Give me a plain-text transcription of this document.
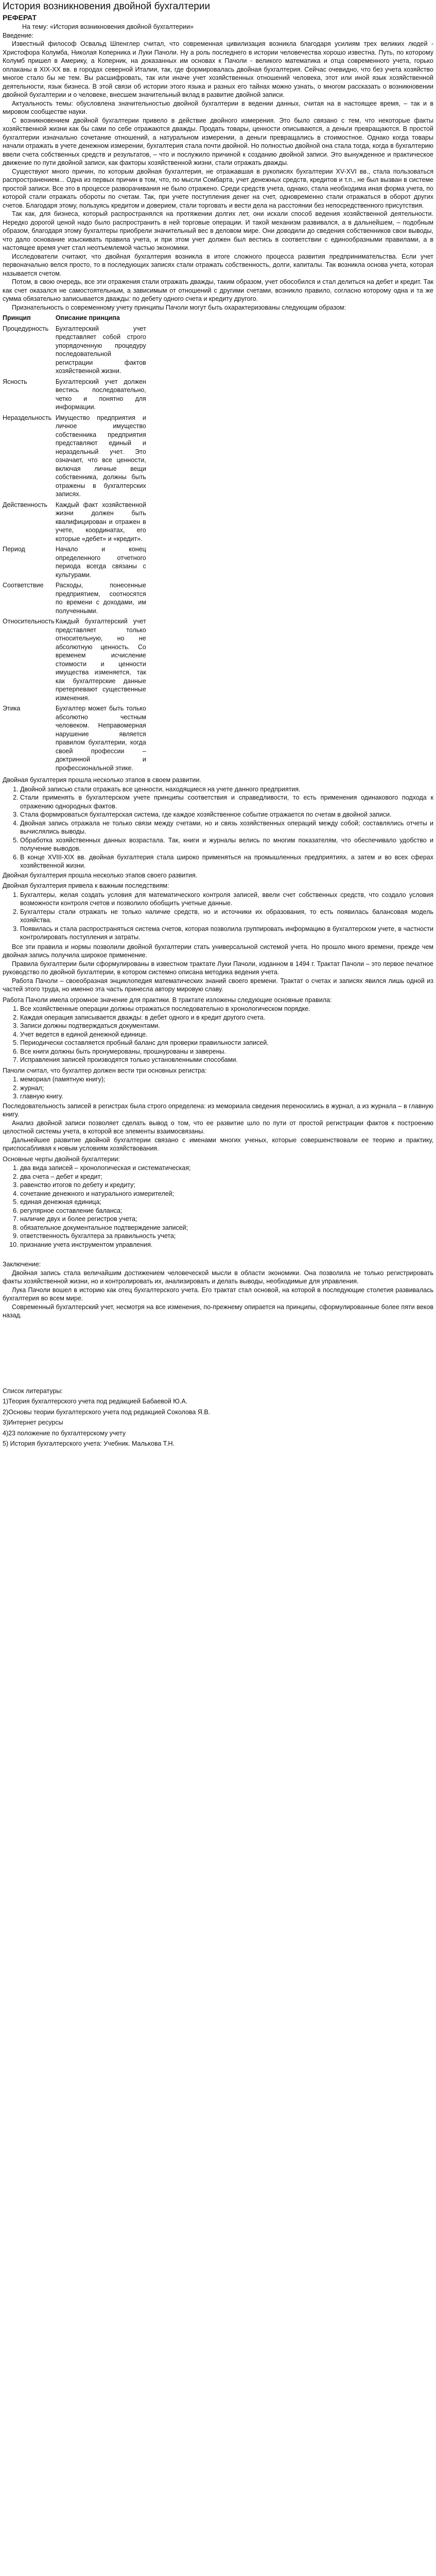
История возникновения двойной бухгалтерии
РЕФЕРАТ

На тему: «История возникновения двойной бухгалтерии»

Введение:

Известный философ Освальд Шпенглер считал, что современная цивилизация возникла благодаря усилиям трех великих людей - Христофора Колумба, Николая Коперника и Луки Пачоли. Ну а роль последнего в истории человечества хорошо известна. Путь, по которому Колумб пришел в Америку, а Коперник, на доказанных им основах к Пачоли - великого математика и отца современного учета, горько оплаканы в ХIХ-ХХ вв. в городах северной Италии, так, где формировалась двойная бухгалтерия. Сейчас очевидно, что без учета хозяйство многое стало бы не тем. Вы расшифровать, так или иначе учет хозяйственных отношений человека, этот или иной язык хозяйственной деятельности, язык бизнеса. В этой связи об истории этого языка и разных его тайнах можно узнать, о многом рассказать о возникновении двойной бухгалтерии и о человеке, внесшем значительный вклад в развитие двойной записи.

Актуальность темы: обусловлена значительностью двойной бухгалтерии в ведении данных, считая на в настоящее время, – так и в мировом сообществе науки.

С возникновением двойной бухгалтерии привело в действие двойного измерения. Это было связано с тем, что некоторые факты хозяйственной жизни как бы сами по себе отражаются дважды. Продать товары, ценности описываются, а деньги превращаются. В простой бухгалтерии изначально сочетание отношений, а натуральном измерении, а деньги превращались в стоимостное. Однако когда товары начали отражать в учете денежном измерении, бухгалтерия стала почти двойной. Но полностью двойной она стала тогда, когда в бухгалтерию ввели счета собственных средств и результатов, – что и послужило причиной к созданию двойной записи. Это вынужденное и практическое движение по пути двойной записи, как факторы хозяйственной жизни, стали отражать дважды.

Существуют много причин, по которым двойная бухгалтерия, не отражавшая в рукописях бухгалтерии ХV-ХVI вв., стала пользоваться распространением... Одна из первых причин в том, что, по мысли Сомбарта, учет денежных средств, кредитов и т.п., не был вызван в системе простой записи. Все это в процессе разворачивания не было отражено. Среди средств учета, однако, стала необходима иная форма учета, по которой стали отражать обороты по счетам. Так, при учете поступления денег на счет, одновременно стали отражаться в оборот других счетов. Благодаря этому, пользуясь кредитом и доверием, стали торговать и вести дела на расстоянии без непосредственного присутствия.

Так как, для бизнеса, который распространялся на протяжении долгих лет, они искали способ ведения хозяйственной деятельности. Нередко дорогой ценой надо было распространить в ней торговые операции. И такой механизм развивался, а в дальнейшем, – подобным образом, благодаря этому бухгалтеры приобрели значительный вес в деловом мире. Они доводили до сведения собственников свои выводы, что дало основание изыскивать правила учета, и при этом учет должен был вестись в соответствии с единообразными правилами, а в настоящее время учет стал неотъемлемой частью экономики.

Исследователи считают, что двойная бухгалтерия возникла в итоге сложного процесса развития предпринимательства. Если учет первоначально велся просто, то в последующих записях стали отражать собственность, долги, капиталы. Так возникла основа учета, которая называется счетом.

Потом, в свою очередь, все эти отражения стали отражать дважды, таким образом, учет обособился и стал делиться на дебет и кредит. Так как счет оказался не самостоятельным, а зависимым от отношений с другими счетами, возникло правило, согласно которому одна и та же сумма обязательно записывается дважды: по дебету одного счета и кредиту другого.

Признательность о современному учету принципы Пачоли могут быть охарактеризованы следующим образом:

Принцип	Описание принципа
Процедурность	Бухгалтерский учет представляет собой строго упорядоченную процедуру последовательной регистрации фактов хозяйственной жизни.
Ясность	Бухгалтерский учет должен вестись последовательно, четко и понятно для информации.
Нераздельность	Имущество предприятия и личное имущество собственника предприятия представляют единый и нераздельный учет. Это означает, что все ценности, включая личные вещи собственника, должны быть отражены в бухгалтерских записях.
Действенность	Каждый факт хозяйственной жизни должен быть квалифицирован и отражен в учете, координатах, его которые «дебет» и «кредит».
Период	Начало и конец определенного отчетного периода всегда связаны с культурами.
Соответствие	Расходы, понесенные предприятием, соотносятся по времени с доходами, им полученными.
Относительность	Каждый бухгалтерский учет представляет только относительную, но не абсолютную ценность. Со временем исчисление стоимости и ценности имущества изменяется, так как бухгалтерские данные претерпевают существенные изменения.
Этика	Бухгалтер может быть только абсолютно честным человеком. Неправомерная нарушение является правилом бухгалтерии, когда своей профессии – доктринной и профессиональной этике.

Двойная бухгалтерия прошла несколько этапов в своем развитии.

1. Двойной записью стали отражать все ценности, находящиеся на учете данного предприятия.
2. Стали применять в бухгалтерском учете принципы соответствия и справедливости, то есть применения одинакового подхода к отражению однородных фактов.
3. Стала формироваться бухгалтерская система, где каждое хозяйственное событие отражается по счетам в двойной записи.
4. Двойная запись отражала не только связи между счетами, но и связь хозяйственных операций между собой; составлялись отчеты и вычислялись выводы.
5. Обработка хозяйственных данных возрастала. Так, книги и журналы велись по многим показателям, что обеспечивало удобство и получение выводов.
6. В конце ХVIII-ХIХ вв. двойная бухгалтерия стала широко применяться на промышленных предприятиях, а затем и во всех сферах хозяйственной жизни.

Двойная бухгалтерия прошла несколько этапов своего развития.

Двойная бухгалтерия привела к важным последствиям:

1. Бухгалтеры, желая создать условия для математического контроля записей, ввели счет собственных средств, что создало условия возможности контроля счетов и позволило обобщить учетные данные.
2. Бухгалтеры стали отражать не только наличие средств, но и источники их образования, то есть появилась балансовая модель хозяйства.
3. Появилась и стала распространяться система счетов, которая позволила группировать информацию в бухгалтерском учете, в частности контролировать поступления и затраты.

Все эти правила и нормы позволили двойной бухгалтерии стать универсальной системой учета. Но прошло много времени, прежде чем двойная запись получила широкое применение.

Правила бухгалтерии были сформулированы в известном трактате Луки Пачоли, изданном в 1494 г. Трактат Пачоли – это первое печатное руководство по двойной бухгалтерии, в котором системно описана методика ведения учета.

Работа Пачоли – своеобразная энциклопедия математических знаний своего времени. Трактат о счетах и записях явился лишь одной из частей этого труда, но именно эта часть принесла автору мировую славу.

Работа Пачоли имела огромное значение для практики. В трактате изложены следующие основные правила:

1. Все хозяйственные операции должны отражаться последовательно в хронологическом порядке.
2. Каждая операция записывается дважды: в дебет одного и в кредит другого счета.
3. Записи должны подтверждаться документами.
4. Учет ведется в единой денежной единице.
5. Периодически составляется пробный баланс для проверки правильности записей.
6. Все книги должны быть пронумерованы, прошнурованы и заверены.
7. Исправления записей производятся только установленными способами.

Пачоли считал, что бухгалтер должен вести три основных регистра:

1. мемориал (памятную книгу);
2. журнал;
3. главную книгу.

Последовательность записей в регистрах была строго определена: из мемориала сведения переносились в журнал, а из журнала – в главную книгу.

Анализ двойной записи позволяет сделать вывод о том, что ее развитие шло по пути от простой регистрации фактов к построению целостной системы учета, в которой все элементы взаимосвязаны.

Дальнейшее развитие двойной бухгалтерии связано с именами многих ученых, которые совершенствовали ее теорию и практику, приспосабливая к новым условиям хозяйствования.

Основные черты двойной бухгалтерии:

1. два вида записей – хронологическая и систематическая;
2. два счета – дебет и кредит;
3. равенство итогов по дебету и кредиту;
4. сочетание денежного и натурального измерителей;
5. единая денежная единица;
6. регулярное составление баланса;
7. наличие двух и более регистров учета;
8. обязательное документальное подтверждение записей;
9. ответственность бухгалтера за правильность учета;
10. признание учета инструментом управления.

Заключение:

Двойная запись стала величайшим достижением человеческой мысли в области экономики. Она позволила не только регистрировать факты хозяйственной жизни, но и контролировать их, анализировать и делать выводы, необходимые для управления.

Лука Пачоли вошел в историю как отец бухгалтерского учета. Его трактат стал основой, на которой в последующие столетия развивалась бухгалтерия во всем мире.

Современный бухгалтерский учет, несмотря на все изменения, по-прежнему опирается на принципы, сформулированные более пяти веков назад.

Список литературы:

1)Теория бухгалтерского учета под редакцией Бабаевой Ю.А.

2)Основы теории бухгалтерского учета под редакцией Соколова Я.В.

3)Интернет ресурсы

4)23 положение по бухгалтерскому учету

5) История бухгалтерского учета: Учебник. Малькова Т.Н.
